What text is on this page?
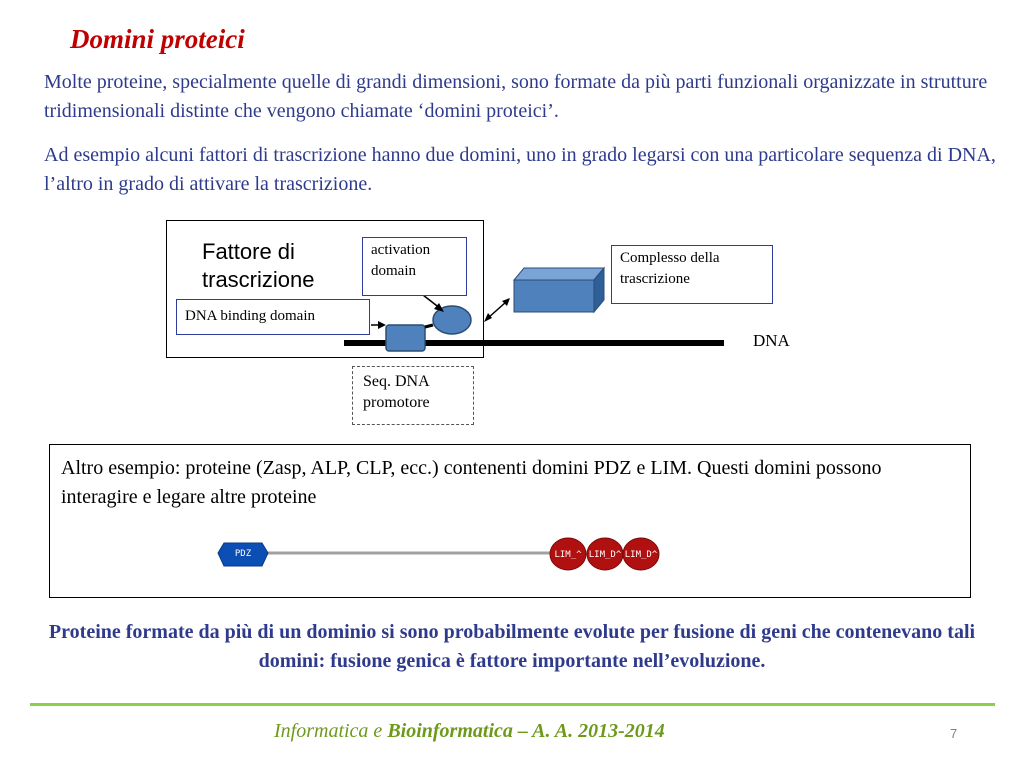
Domini proteici
Molte proteine, specialmente quelle di grandi dimensioni, sono formate da più parti funzionali organizzate in strutture tridimensionali distinte che vengono chiamate ‘domini proteici’.
Ad esempio alcuni fattori di trascrizione hanno due domini, uno in grado legarsi con una particolare sequenza di DNA, l’altro in grado di attivare la trascrizione.
PDZ	LIM_^ LIM_D^ LIM_D^
Fattore di
trascrizione
activation
domain
DNA binding domain
Complesso della
trascrizione
DNA
Seq. DNA
promotore
Altro esempio: proteine (Zasp, ALP, CLP, ecc.) contenenti domini PDZ e LIM. Questi domini possono interagire e legare altre proteine
Proteine formate da più di un dominio si sono probabilmente evolute per fusione di geni che contenevano tali domini: fusione genica è fattore importante nell’evoluzione.
Informatica e Bioinformatica – A. A. 2013-2014	7
